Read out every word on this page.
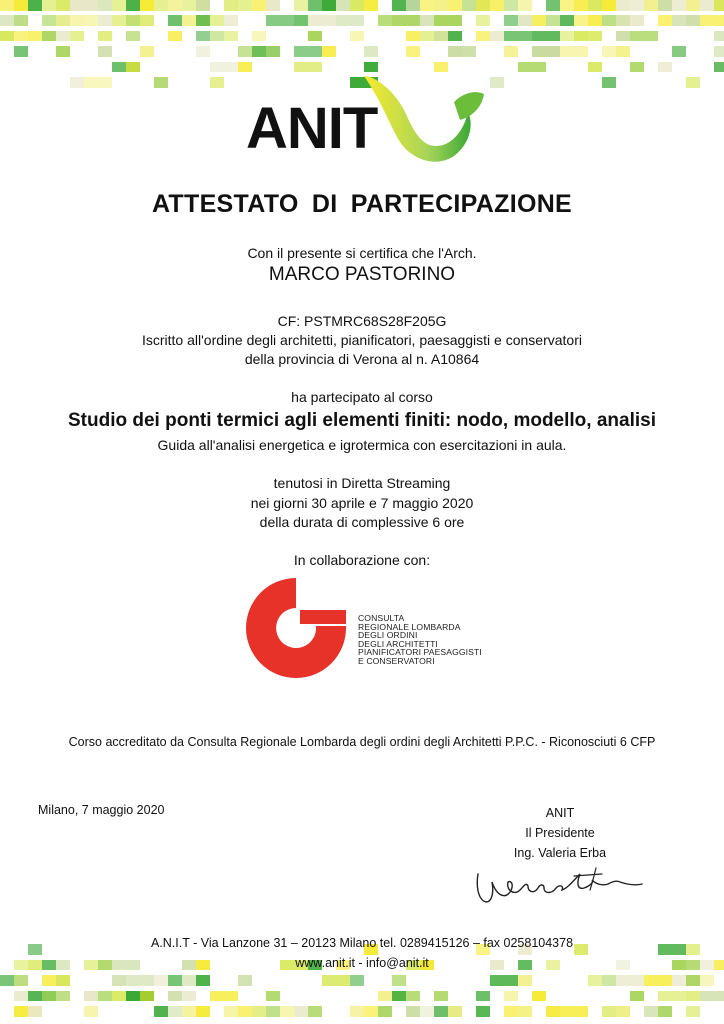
ANIT
ATTESTATO DI PARTECIPAZIONE
Con il presente si certifica che l'Arch.
MARCO PASTORINO
CF: PSTMRC68S28F205G
Iscritto all'ordine degli architetti, pianificatori, paesaggisti e conservatori
della provincia di Verona al n. A10864
ha partecipato al corso
Studio dei ponti termici agli elementi finiti: nodo, modello, analisi
Guida all'analisi energetica e igrotermica con esercitazioni in aula.
tenutosi in Diretta Streaming
nei giorni 30 aprile e 7 maggio 2020
della durata di complessive 6 ore
In collaborazione con:
CONSULTA
REGIONALE LOMBARDA
DEGLI ORDINI
DEGLI ARCHITETTI
PIANIFICATORI PAESAGGISTI
E CONSERVATORI
Corso accreditato da Consulta Regionale Lombarda degli ordini degli Architetti P.P.C. - Riconosciuti 6 CFP
Milano, 7 maggio 2020	ANIT
Il Presidente
Ing. Valeria Erba
A.N.I.T - Via Lanzone 31 – 20123 Milano tel. 0289415126 – fax 0258104378
www.anit.it - info@anit.it
